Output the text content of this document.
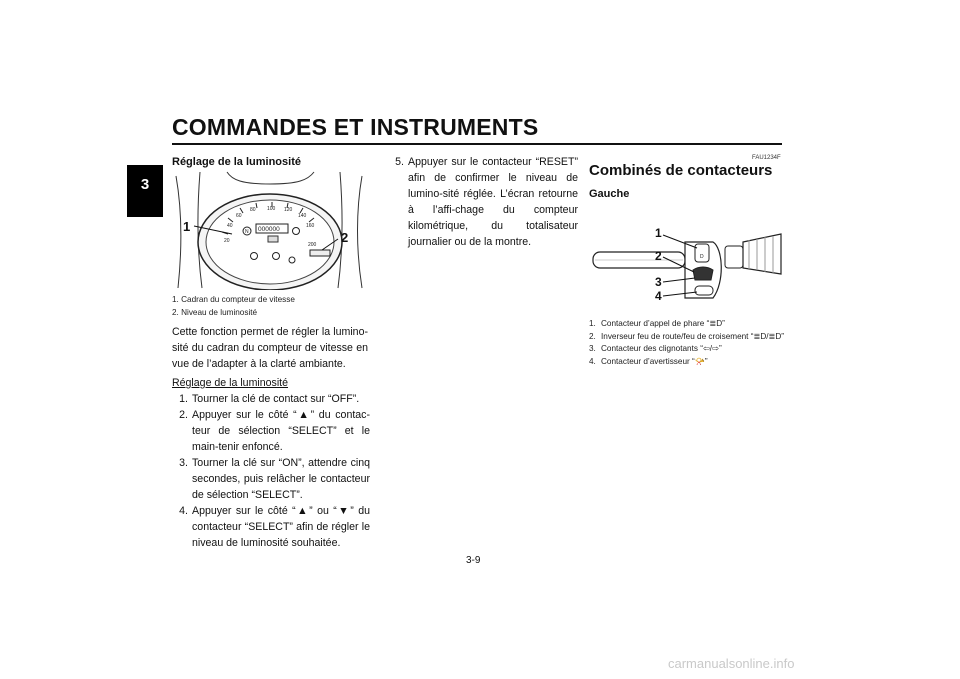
COMMANDES ET INSTRUMENTS
3
Réglage de la luminosité
20
40
60
80 100 120
140
160
200
000000
N
1
2
1. Cadran du compteur de vitesse
2. Niveau de luminosité
Cette fonction permet de régler la lumino-sité du cadran du compteur de vitesse en vue de l’adapter à la clarté ambiante.
Réglage de la luminosité
1. Tourner la clé de contact sur “OFF”.
2. Appuyer sur le côté “▲” du contac-teur de sélection “SELECT” et le main-tenir enfoncé.
3. Tourner la clé sur “ON”, attendre cinq secondes, puis relâcher le contacteur de sélection “SELECT”.
4. Appuyer sur le côté “▲” ou “▼” du contacteur “SELECT” afin de régler le niveau de luminosité souhaitée.
5. Appuyer sur le contacteur “RESET” afin de confirmer le niveau de lumino-sité réglée. L’écran retourne à l’affi-chage du compteur kilométrique, du totalisateur journalier ou de la montre.
FAU1234F
Combinés de contacteurs
Gauche
D
1
2
3
4
1. Contacteur d’appel de phare “≣D”
2. Inverseur feu de route/feu de croisement “≣D/≣D”
3. Contacteur des clignotants “⇦/⇨”
4. Contacteur d’avertisseur “📯”
3-9
carmanualsonline.info
